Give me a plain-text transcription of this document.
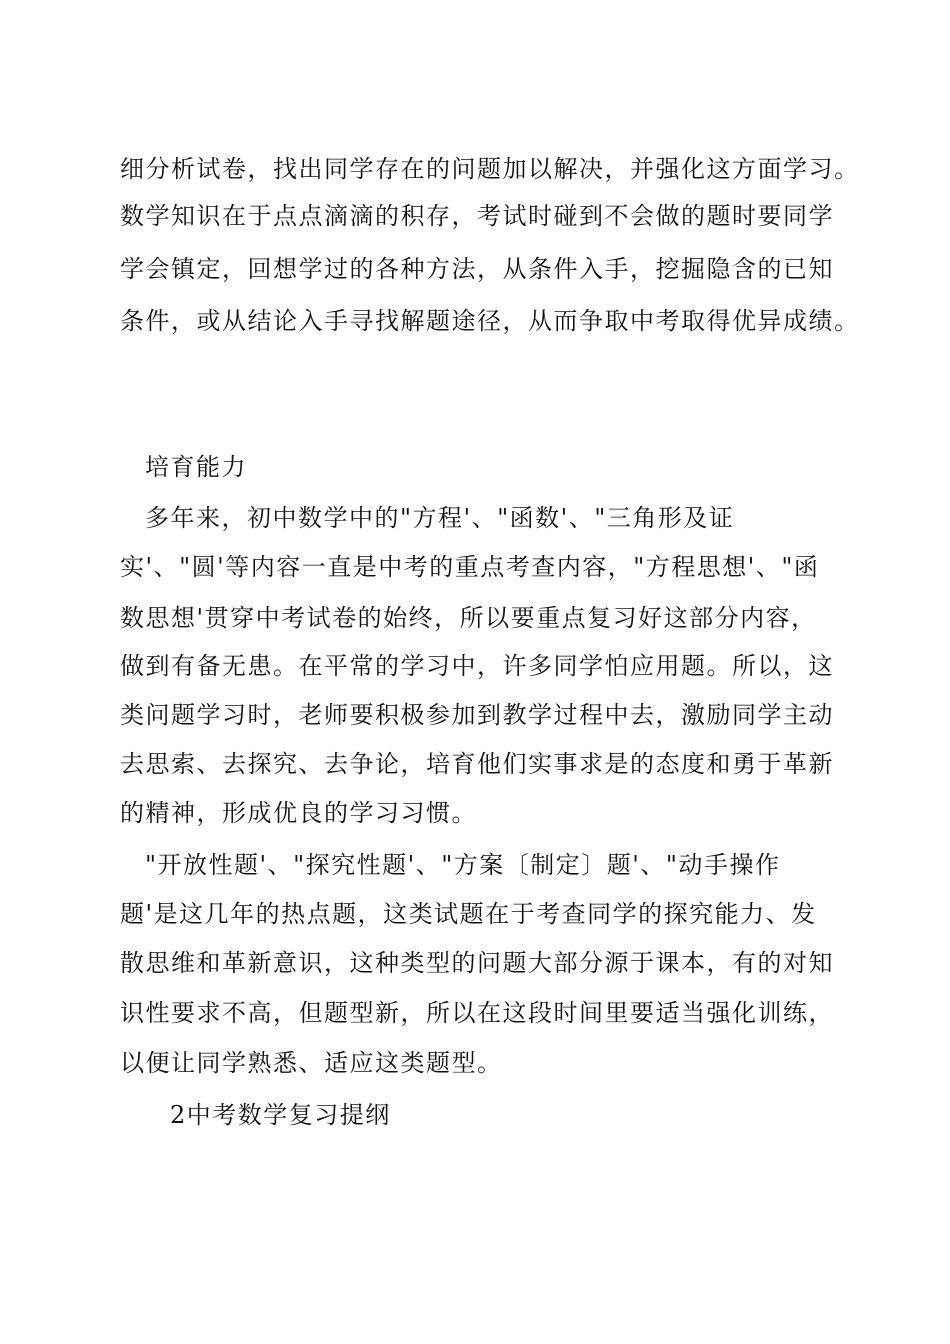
细分析试卷，找出同学存在的问题加以解决，并强化这方面学习。
数学知识在于点点滴滴的积存，考试时碰到不会做的题时要同学
学会镇定，回想学过的各种方法，从条件入手，挖掘隐含的已知
条件，或从结论入手寻找解题途径，从而争取中考取得优异成绩。
培育能力
多年来，初中数学中的"方程'、"函数'、"三角形及证
实'、"圆'等内容一直是中考的重点考查内容，"方程思想'、"函
数思想'贯穿中考试卷的始终，所以要重点复习好这部分内容，
做到有备无患。在平常的学习中，许多同学怕应用题。所以，这
类问题学习时，老师要积极参加到教学过程中去，激励同学主动
去思索、去探究、去争论，培育他们实事求是的态度和勇于革新
的精神，形成优良的学习习惯。
"开放性题'、"探究性题'、"方案〔制定〕题'、"动手操作
题'是这几年的热点题，这类试题在于考查同学的探究能力、发
散思维和革新意识，这种类型的问题大部分源于课本，有的对知
识性要求不高，但题型新，所以在这段时间里要适当强化训练，
以便让同学熟悉、适应这类题型。
2中考数学复习提纲
